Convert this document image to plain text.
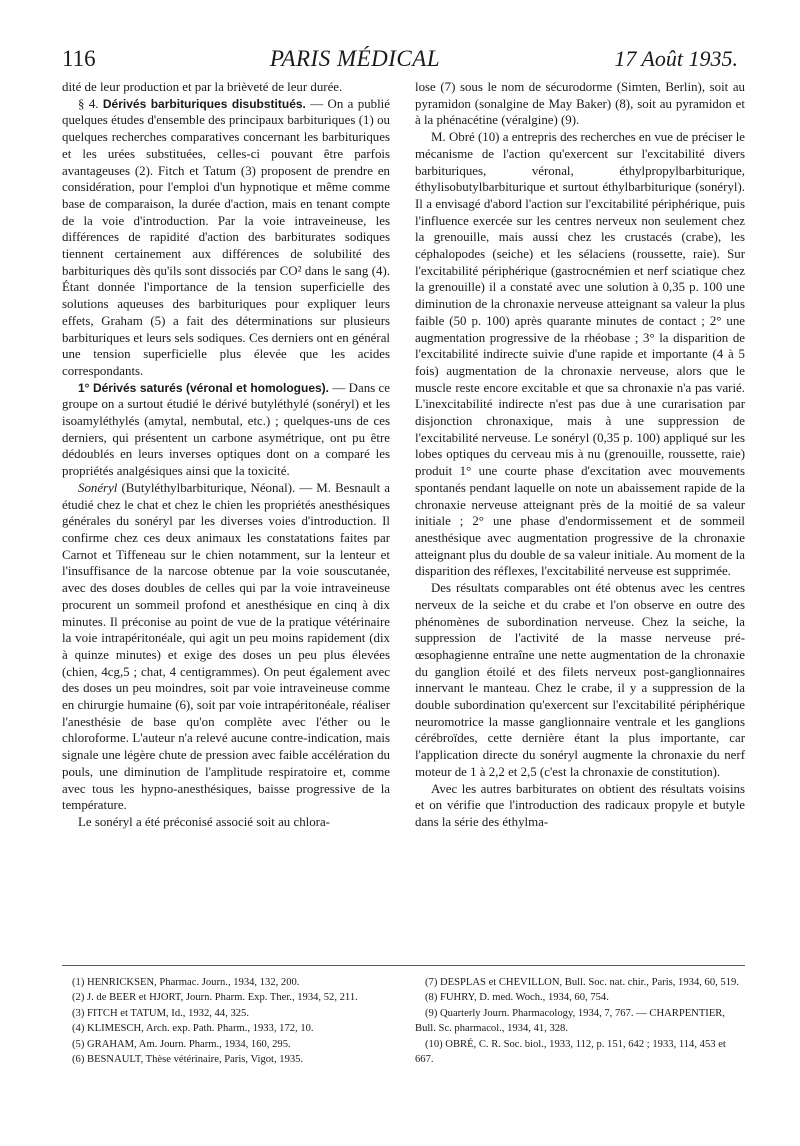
116	PARIS MÉDICAL	17 Août 1935.

dité de leur production et par la brièveté de leur durée.

§ 4. Dérivés barbituriques disubstitués. — On a publié quelques études d'ensemble des principaux barbituriques (1) ou quelques recherches comparatives concernant les barbituriques et les urées substituées, celles-ci pouvant être parfois avantageuses (2). Fitch et Tatum (3) proposent de prendre en considération, pour l'emploi d'un hypnotique et même comme base de comparaison, la durée d'action, mais en tenant compte de la voie d'introduction. Par la voie intraveineuse, les différences de rapidité d'action des barbiturates sodiques tiennent certainement aux différences de solubilité des barbituriques dès qu'ils sont dissociés par CO² dans le sang (4). Étant donnée l'importance de la tension superficielle des solutions aqueuses des barbituriques pour expliquer leurs effets, Graham (5) a fait des déterminations sur plusieurs barbituriques et leurs sels sodiques. Ces derniers ont en général une tension superficielle plus élevée que les acides correspondants.

1° Dérivés saturés (véronal et homologues). — Dans ce groupe on a surtout étudié le dérivé butyléthylé (sonéryl) et les isoamyléthylés (amytal, nembutal, etc.) ; quelques-uns de ces derniers, qui présentent un carbone asymétrique, ont pu être dédoublés en leurs inverses optiques dont on a comparé les propriétés analgésiques ainsi que la toxicité.

Sonéryl (Butyléthylbarbiturique, Néonal). — M. Besnault a étudié chez le chat et chez le chien les propriétés anesthésiques générales du sonéryl par les diverses voies d'introduction. Il confirme chez ces deux animaux les constatations faites par Carnot et Tiffeneau sur le chien notamment, sur la lenteur et l'insuffisance de la narcose obtenue par la voie souscutanée, avec des doses doubles de celles qui par la voie intraveineuse procurent un sommeil profond et anesthésique en cinq à dix minutes. Il préconise au point de vue de la pratique vétérinaire la voie intrapéritonéale, qui agit un peu moins rapidement (dix à quinze minutes) et exige des doses un peu plus élevées (chien, 4cg,5 ; chat, 4 centigrammes). On peut également avec des doses un peu moindres, soit par voie intraveineuse comme en chirurgie humaine (6), soit par voie intrapéritonéale, réaliser l'anesthésie de base qu'on complète avec l'éther ou le chloroforme. L'auteur n'a relevé aucune contre-indication, mais signale une légère chute de pression avec faible accélération du pouls, une diminution de l'amplitude respiratoire et, comme avec tous les hypno-anesthésiques, baisse progressive de la température.

Le sonéryl a été préconisé associé soit au chlora-

lose (7) sous le nom de sécurodorme (Simten, Berlin), soit au pyramidon (sonalgine de May Baker) (8), soit au pyramidon et à la phénacétine (véralgine) (9).

M. Obré (10) a entrepris des recherches en vue de préciser le mécanisme de l'action qu'exercent sur l'excitabilité divers barbituriques, véronal, éthylpropylbarbiturique, éthylisobutylbarbiturique et surtout éthylbarbiturique (sonéryl). Il a envisagé d'abord l'action sur l'excitabilité périphérique, puis l'influence exercée sur les centres nerveux non seulement chez la grenouille, mais aussi chez les crustacés (crabe), les céphalopodes (seiche) et les sélaciens (roussette, raie). Sur l'excitabilité périphérique (gastrocnémien et nerf sciatique chez la grenouille) il a constaté avec une solution à 0,35 p. 100 une diminution de la chronaxie nerveuse atteignant sa valeur la plus faible (50 p. 100) après quarante minutes de contact ; 2° une augmentation progressive de la rhéobase ; 3° la disparition de l'excitabilité indirecte suivie d'une rapide et importante (4 à 5 fois) augmentation de la chronaxie nerveuse, alors que le muscle reste encore excitable et que sa chronaxie n'a pas varié. L'inexcitabilité indirecte n'est pas due à une curarisation par disjonction chronaxique, mais à une suppression de l'excitabilité nerveuse. Le sonéryl (0,35 p. 100) appliqué sur les lobes optiques du cerveau mis à nu (grenouille, roussette, raie) produit 1° une courte phase d'excitation avec mouvements spontanés pendant laquelle on note un abaissement rapide de la chronaxie nerveuse atteignant près de la moitié de sa valeur initiale ; 2° une phase d'endormissement et de sommeil anesthésique avec augmentation progressive de la chronaxie atteignant plus du double de sa valeur initiale. Au moment de la disparition des réflexes, l'excitabilité nerveuse est supprimée.

Des résultats comparables ont été obtenus avec les centres nerveux de la seiche et du crabe et l'on observe en outre des phénomènes de subordination nerveuse. Chez la seiche, la suppression de l'activité de la masse nerveuse pré-œsophagienne entraîne une nette augmentation de la chronaxie du ganglion étoilé et des filets nerveux post-ganglionnaires innervant le manteau. Chez le crabe, il y a suppression de la double subordination qu'exercent sur l'excitabilité périphérique neuromotrice la masse ganglionnaire ventrale et les ganglions cérébroïdes, cette dernière étant la plus importante, car l'application directe du sonéryl augmente la chronaxie du nerf moteur de 1 à 2,2 et 2,5 (c'est la chronaxie de constitution).

Avec les autres barbiturates on obtient des résultats voisins et on vérifie que l'introduction des radicaux propyle et butyle dans la série des éthylma-

(1) HENRICKSEN, Pharmac. Journ., 1934, 132, 200.

(2) J. de BEER et HJORT, Journ. Pharm. Exp. Ther., 1934, 52, 211.

(3) FITCH et TATUM, Id., 1932, 44, 325.

(4) KLIMESCH, Arch. exp. Path. Pharm., 1933, 172, 10.

(5) GRAHAM, Am. Journ. Pharm., 1934, 160, 295.

(6) BESNAULT, Thèse vétérinaire, Paris, Vigot, 1935.

(7) DESPLAS et CHEVILLON, Bull. Soc. nat. chir., Paris, 1934, 60, 519.

(8) FUHRY, D. med. Woch., 1934, 60, 754.

(9) Quarterly Journ. Pharmacology, 1934, 7, 767. — CHARPENTIER, Bull. Sc. pharmacol., 1934, 41, 328.

(10) OBRÉ, C. R. Soc. biol., 1933, 112, p. 151, 642 ; 1933, 114, 453 et 667.
